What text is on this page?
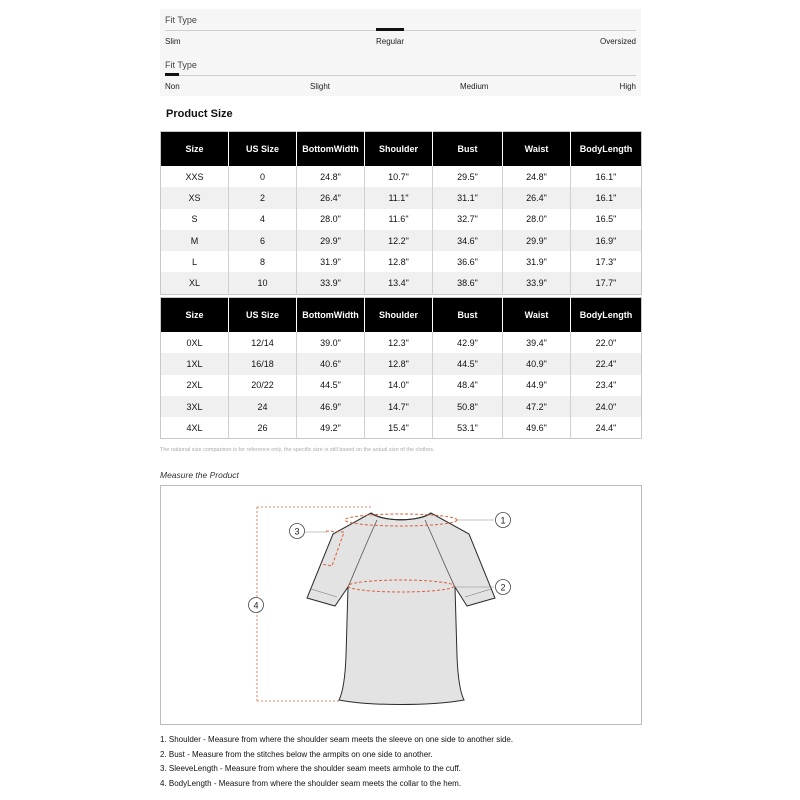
Fit Type
Slim	Regular	Oversized
Fit Type
Non	Slight	Medium	High
Product Size
Size	US Size	BottomWidth	Shoulder	Bust	Waist	BodyLength
XXS	0	24.8"	10.7"	29.5"	24.8"	16.1"
XS	2	26.4"	11.1"	31.1"	26.4"	16.1"
S	4	28.0"	11.6"	32.7"	28.0"	16.5"
M	6	29.9"	12.2"	34.6"	29.9"	16.9"
L	8	31.9"	12.8"	36.6"	31.9"	17.3"
XL	10	33.9"	13.4"	38.6"	33.9"	17.7"
Size	US Size	BottomWidth	Shoulder	Bust	Waist	BodyLength
0XL	12/14	39.0"	12.3"	42.9"	39.4"	22.0"
1XL	16/18	40.6"	12.8"	44.5"	40.9"	22.4"
2XL	20/22	44.5"	14.0"	48.4"	44.9"	23.4"
3XL	24	46.9"	14.7"	50.8"	47.2"	24.0"
4XL	26	49.2"	15.4"	53.1"	49.6"	24.4"
The national size comparison is for reference only, the specific size is still based on the actual size of the clothes.
Measure the Product
1
2
3
4
1. Shoulder - Measure from where the shoulder seam meets the sleeve on one side to another side.
2. Bust - Measure from the stitches below the armpits on one side to another.
3. SleeveLength - Measure from where the shoulder seam meets armhole to the cuff.
4. BodyLength - Measure from where the shoulder seam meets the collar to the hem.
